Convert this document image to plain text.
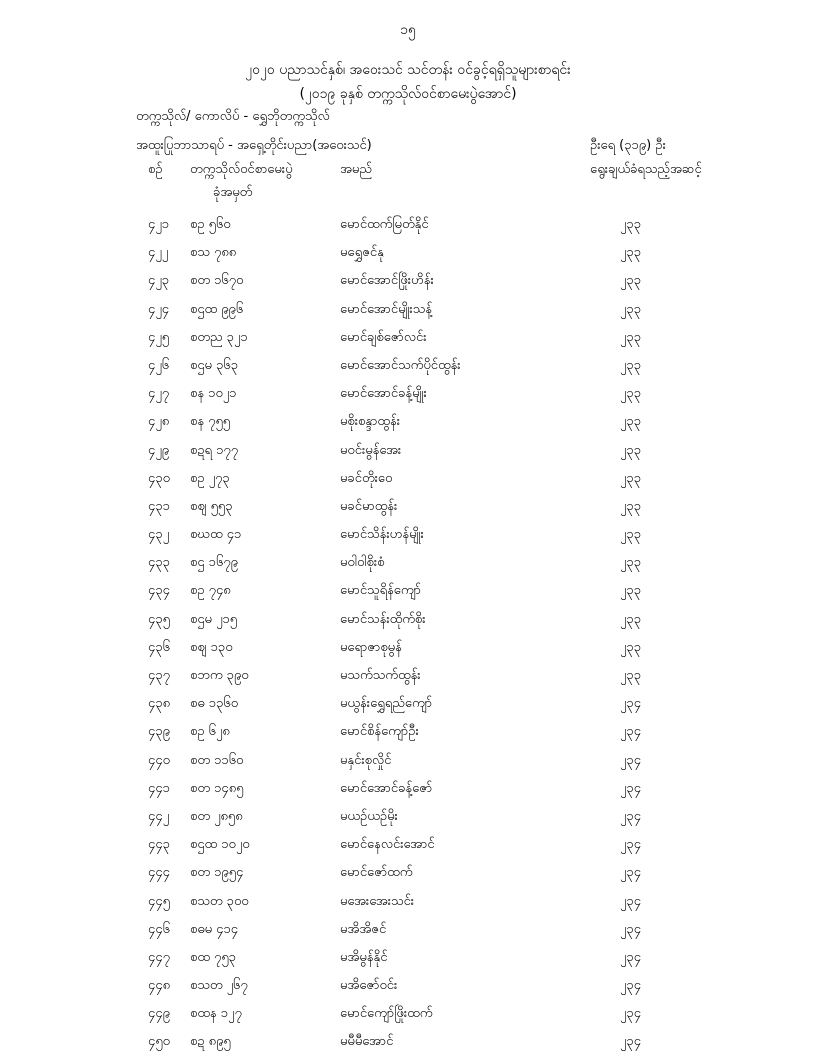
၁၅
၂၀၂၀ ပညာသင်နှစ်၊ အဝေးသင် သင်တန်း ဝင်ခွင့်ရရှိသူများစာရင်း
(၂၀၁၉ ခုနှစ် တက္ကသိုလ်ဝင်စာမေးပွဲအောင်)
တက္ကသိုလ်/ ကောလိပ် - ရွှေဘိုတက္ကသိုလ်
အထူးပြုဘာသာရပ် - အရှေ့တိုင်းပညာ(အဝေးသင်)	ဦးရေ (၃၁၉) ဦး
စဉ် တက္ကသိုလ်ဝင်စာမေးပွဲ
ခုံအမှတ်
အမည်	ရွေးချယ်ခံရသည့်အဆင့်
၄၂၁ စဥ ၅၆၀	မောင်ထက်မြတ်နိုင်	၂၃၃
၄၂၂ စသ ၇၈၈	မရွှေဇင်နု	၂၃၃
၄၂၃ စတ ၁၆၇၀	မောင်အောင်ဖြိုးဟိန်း	၂၃၃
၄၂၄ စဌထ ၉၉၆	မောင်အောင်မျိုးသန့်	၂၃၃
၄၂၅ စတည ၃၂၁	မောင်ချစ်ဇော်လင်း	၂၃၃
၄၂၆ စဌမ ၃၆၃	မောင်အောင်သက်ပိုင်ထွန်း	၂၃၃
၄၂၇ စန ၁၀၂၁	မောင်အောင်ခန့်မျိုး	၂၃၃
၄၂၈ စန ၇၅၅	မစိုးစန္ဒာထွန်း	၂၃၃
၄၂၉ စဍရ ၁၇၇	မဝင်းမွန်အေး	၂၃၃
၄၃၀ စဥ ၂၇၃	မခင်တိုးဝေ	၂၃၃
၄၃၁ စဈ ၅၅၃	မခင်မာထွန်း	၂၃၃
၄၃၂ စဃထ ၄၁	မောင်သိန်းဟန်မျိုး	၂၃၃
၄၃၃ စဌ ၁၆၇၉	မဝါဝါစိုးစံ	၂၃၃
၄၃၄ စဥ ၇၄၈	မောင်သူရိန်ကျော်	၂၃၃
၄၃၅ စဌမ ၂၁၅	မောင်သန်းထိုက်စိုး	၂၃၃
၄၃၆ စဈ ၁၃၀	မရောဇာစုမွန်	၂၃၃
၄၃၇ စဘက ၃၉၀	မသက်သက်ထွန်း	၂၃၃
၄၃၈ စဓ ၁၃၆၀	မယွန်းရွှေရည်ကျော်	၂၃၄
၄၃၉ စဥ ၆၂၈	မောင်စိန်ကျော်ဦး	၂၃၄
၄၄၀ စတ ၁၁၆၀	မနှင်းစုလှိုင်	၂၃၄
၄၄၁ စတ ၁၄၈၅	မောင်အောင်ခန့်ဇော်	၂၃၄
၄၄၂ စတ ၂၈၅၈	မယဉ်ယဉ်မိုး	၂၃၄
၄၄၃ စဌထ ၁၀၂၀	မောင်နေလင်းအောင်	၂၃၄
၄၄၄ စတ ၁၉၅၄	မောင်ဇော်ထက်	၂၃၄
၄၄၅ စသတ ၃၀၀	မအေးအေးသင်း	၂၃၄
၄၄၆ စဓမ ၄၁၄	မအိအိဇင်	၂၃၄
၄၄၇ စထ ၇၅၃	မအိမွန်နိုင်	၂၃၄
၄၄၈ စသတ ၂၆၇	မအိဇော်ဝင်း	၂၃၄
၄၄၉ စထန ၁၂၇	မောင်ကျော်ဖြိုးထက်	၂၃၄
၄၅၀ စဍ ၈၉၅	မမီမီအောင်	၂၃၄
